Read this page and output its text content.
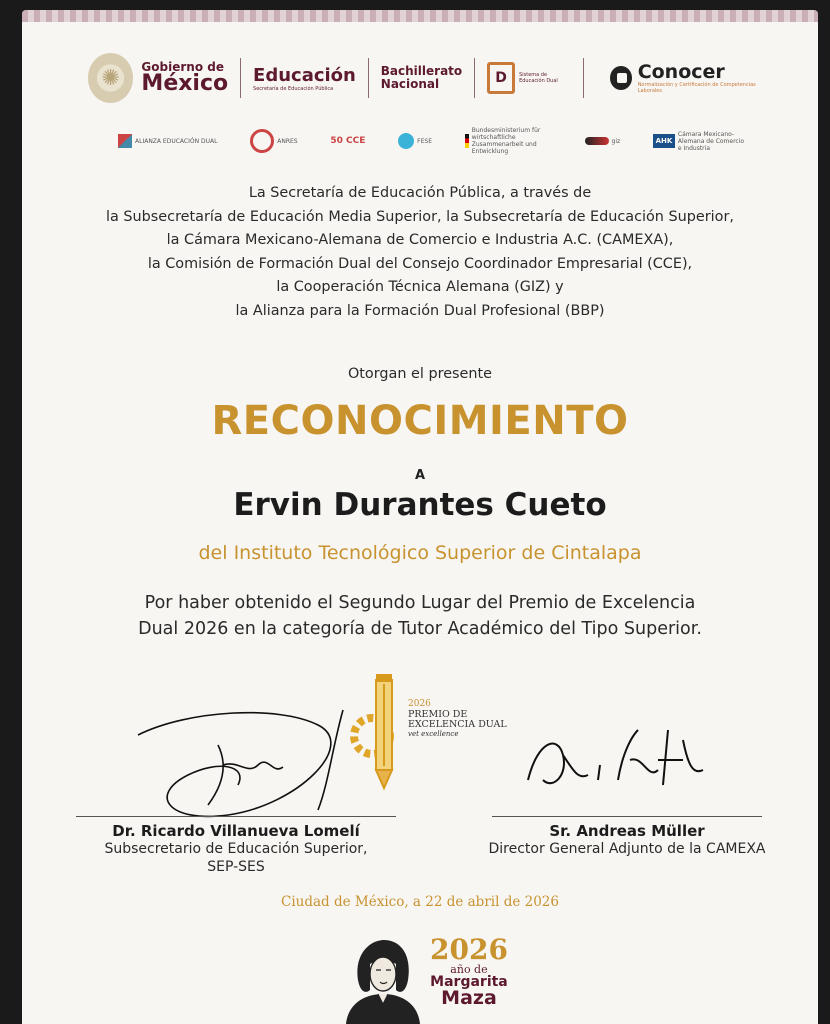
✺	Gobierno de
México Educación
Secretaría de Educación Pública
Bachillerato
Nacional	D	Sistema de Educación Dual	Conocer
Normalización y Certificación de Competencias Laborales
ALIANZA EDUCACIÓN DUAL	ANRES	50 CCE	FESE
Bundesministerium für wirtschaftliche Zusammenarbeit und Entwicklung
giz	AHK
Cámara Mexicano-Alemana de Comercio e Industria
La Secretaría de Educación Pública, a través de
la Subsecretaría de Educación Media Superior, la Subsecretaría de Educación Superior,
la Cámara Mexicano-Alemana de Comercio e Industria A.C. (CAMEXA),
la Comisión de Formación Dual del Consejo Coordinador Empresarial (CCE),
la Cooperación Técnica Alemana (GIZ) y
la Alianza para la Formación Dual Profesional (BBP)
Otorgan el presente
RECONOCIMIENTO
A
Ervin Durantes Cueto
del Instituto Tecnológico Superior de Cintalapa
Por haber obtenido el Segundo Lugar del Premio de Excelencia
Dual 2026 en la categoría de Tutor Académico del Tipo Superior.
2026
PREMIO DE
EXCELENCIA DUAL
vet excellence
Dr. Ricardo Villanueva Lomelí
Subsecretario de Educación Superior,
SEP-SES
Sr. Andreas Müller
Director General Adjunto de la CAMEXA
Ciudad de México, a 22 de abril de 2026
2026
año de
Margarita
Maza
